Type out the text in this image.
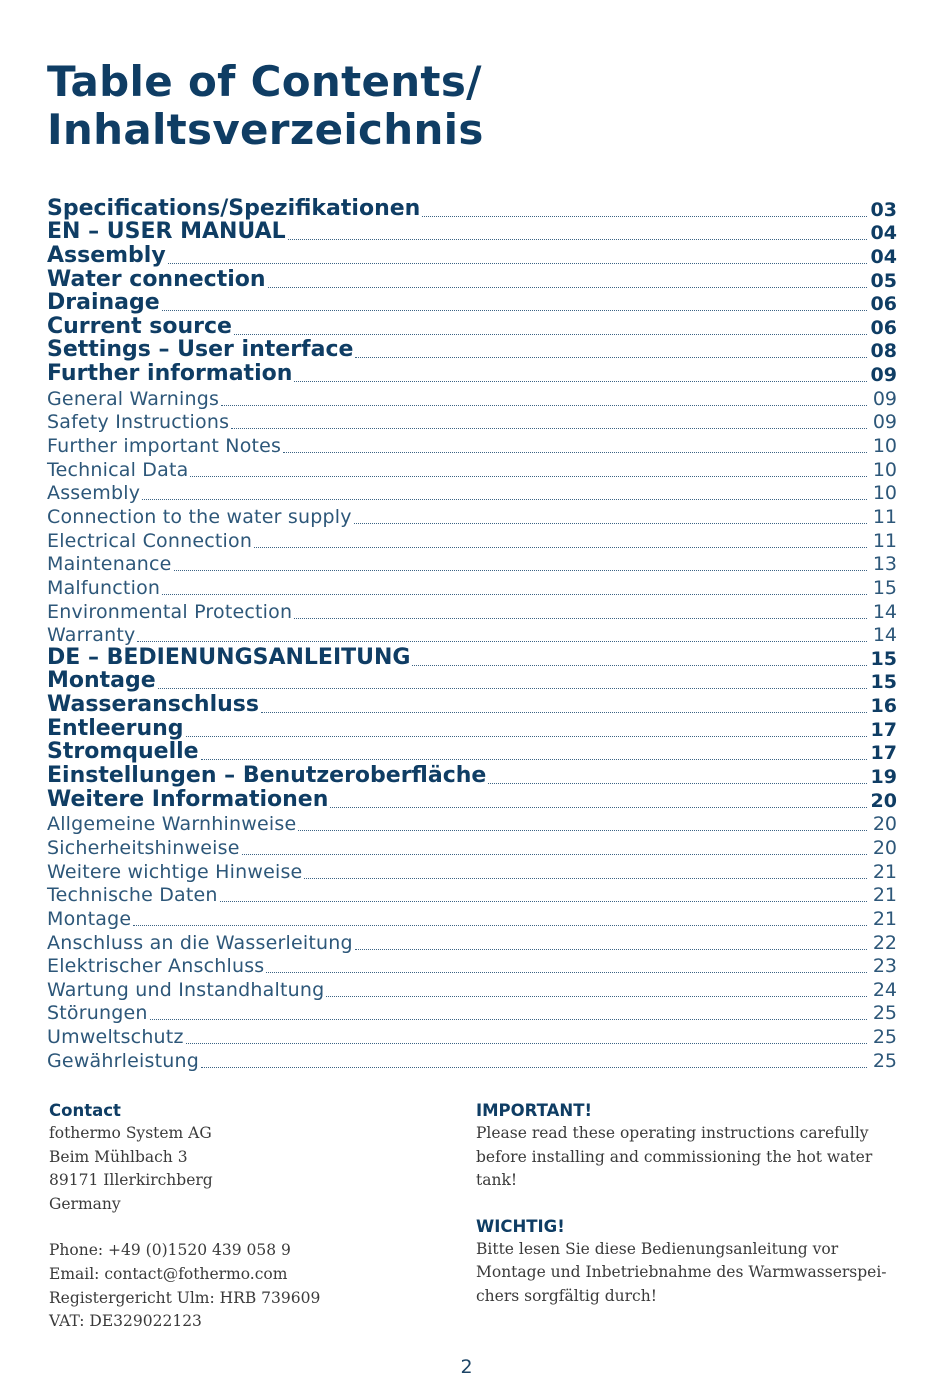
Table of Contents/
Inhaltsverzeichnis
Specifications/Spezifikationen	03
EN – USER MANUAL	04
Assembly	04
Water connection	05
Drainage	06
Current source	06
Settings – User interface	08
Further information	09
General Warnings	09
Safety Instructions	09
Further important Notes	10
Technical Data	10
Assembly	10
Connection to the water supply	11
Electrical Connection	11
Maintenance	13
Malfunction	15
Environmental Protection	14
Warranty	14
DE – BEDIENUNGSANLEITUNG	15
Montage	15
Wasseranschluss	16
Entleerung	17
Stromquelle	17
Einstellungen – Benutzeroberfläche	19
Weitere Informationen	20
Allgemeine Warnhinweise	20
Sicherheitshinweise	20
Weitere wichtige Hinweise	21
Technische Daten	21
Montage	21
Anschluss an die Wasserleitung	22
Elektrischer Anschluss	23
Wartung und Instandhaltung	24
Störungen	25
Umweltschutz	25
Gewährleistung	25

Contact

fothermo System AG

Beim Mühlbach 3

89171 Illerkirchberg

Germany

Phone: +49 (0)1520 439 058 9

Email: contact@fothermo.com

Registergericht Ulm: HRB 739609

VAT: DE329022123

IMPORTANT!

Please read these operating instructions carefully

before installing and commissioning the hot water

tank!

WICHTIG!

Bitte lesen Sie diese Bedienungsanleitung vor

Montage und Inbetriebnahme des Warmwasserspei-

chers sorgfältig durch!

2
